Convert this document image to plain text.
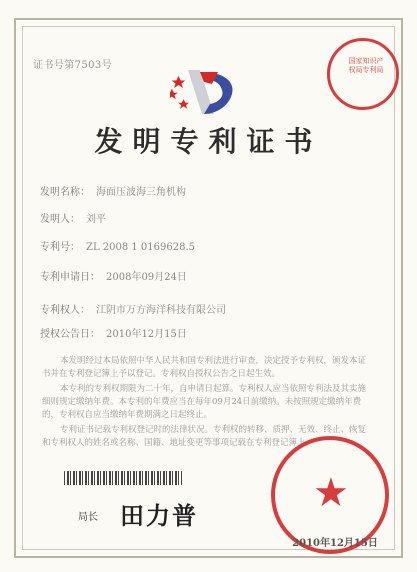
证书号第7503号	国家知识产权局专利局
发明专利证书
发明名称： 海面压波海三角机构
发明人： 刘平
专利号： ZL 2008 1 0169628.5
专利申请日： 2008年09月24日
专利权人： 江阴市万方海洋科技有限公司
授权公告日： 2010年12月15日

本发明经过本局依照中华人民共和国专利法进行审查，决定授予专利权，颁发本证书并在专利登记簿上予以登记。专利权自授权公告之日起生效。

本专利的专利权期限为二十年，自申请日起算。专利权人应当依照专利法及其实施细则规定缴纳年费。本专利的年费应当在每年09月24日前缴纳。未按照规定缴纳年费的，专利权自应当缴纳年费期满之日起终止。

专利证书记载专利权登记时的法律状况。专利权的转移、质押、无效、终止、恢复和专利权人的姓名或名称、国籍、地址变更等事项记载在专利登记簿上。

局长 田力普	★
2010年12月15日
